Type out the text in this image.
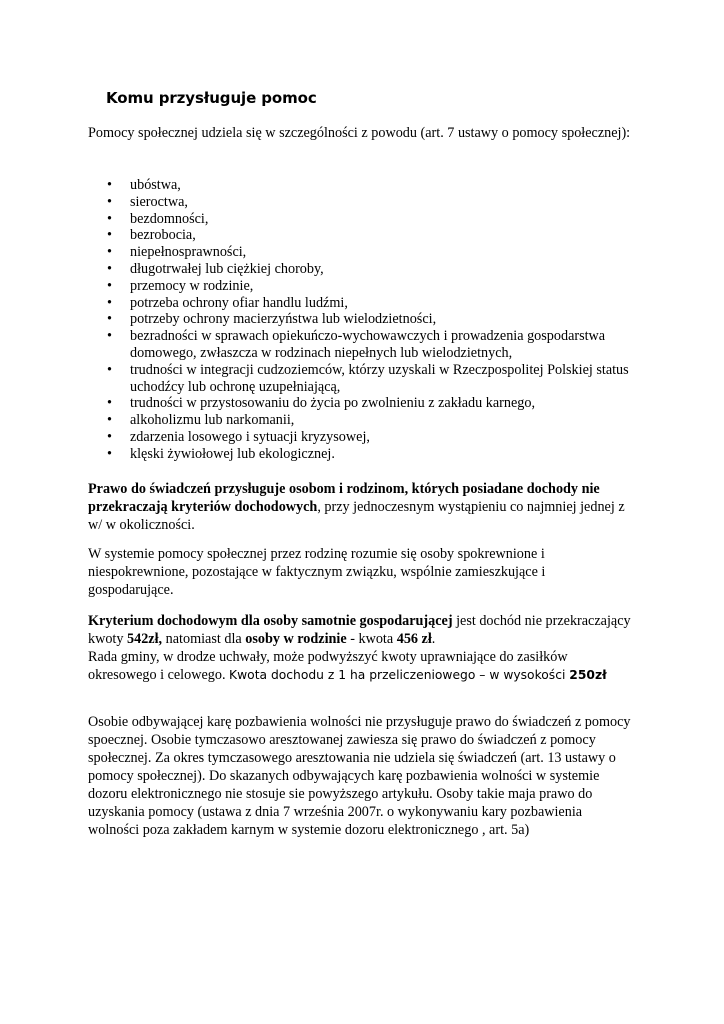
Komu przysługuje pomoc

Pomocy społecznej udziela się w szczególności z powodu (art. 7 ustawy o pomocy społecznej):

• ubóstwa,
• sieroctwa,
• bezdomności,
• bezrobocia,
• niepełnosprawności,
• długotrwałej lub ciężkiej choroby,
• przemocy w rodzinie,
• potrzeba ochrony ofiar handlu ludźmi,
• potrzeby ochrony macierzyństwa lub wielodzietności,
• bezradności w sprawach opiekuńczo-wychowawczych i prowadzenia gospodarstwa domowego, zwłaszcza w rodzinach niepełnych lub wielodzietnych,
• trudności w integracji cudzoziemców, którzy uzyskali w Rzeczpospolitej Polskiej status uchodźcy lub ochronę uzupełniającą,
• trudności w przystosowaniu do życia po zwolnieniu z zakładu karnego,
• alkoholizmu lub narkomanii,
• zdarzenia losowego i sytuacji kryzysowej,
• klęski żywiołowej lub ekologicznej.

Prawo do świadczeń przysługuje osobom i rodzinom, których posiadane dochody nie przekraczają kryteriów dochodowych, przy jednoczesnym wystąpieniu co najmniej jednej z w/ w okoliczności.

W systemie pomocy społecznej przez rodzinę rozumie się osoby spokrewnione i niespokrewnione, pozostające w faktycznym związku, wspólnie zamieszkujące i gospodarujące.

Kryterium dochodowym dla osoby samotnie gospodarującej jest dochód nie przekraczający kwoty 542zł, natomiast dla osoby w rodzinie - kwota 456 zł.
Rada gminy, w drodze uchwały, może podwyższyć kwoty uprawniające do zasiłków okresowego i celowego. Kwota dochodu z 1 ha przeliczeniowego – w wysokości 250zł

Osobie odbywającej karę pozbawienia wolności nie przysługuje prawo do świadczeń z pomocy spoecznej. Osobie tymczasowo aresztowanej zawiesza się prawo do świadczeń z pomocy społecznej. Za okres tymczasowego aresztowania nie udziela się świadczeń (art. 13 ustawy o pomocy społecznej). Do skazanych odbywających karę pozbawienia wolności w systemie dozoru elektronicznego nie stosuje sie powyższego artykułu. Osoby takie maja prawo do uzyskania pomocy (ustawa z dnia 7 września 2007r. o wykonywaniu kary pozbawienia wolności poza zakładem karnym w systemie dozoru elektronicznego , art. 5a)
